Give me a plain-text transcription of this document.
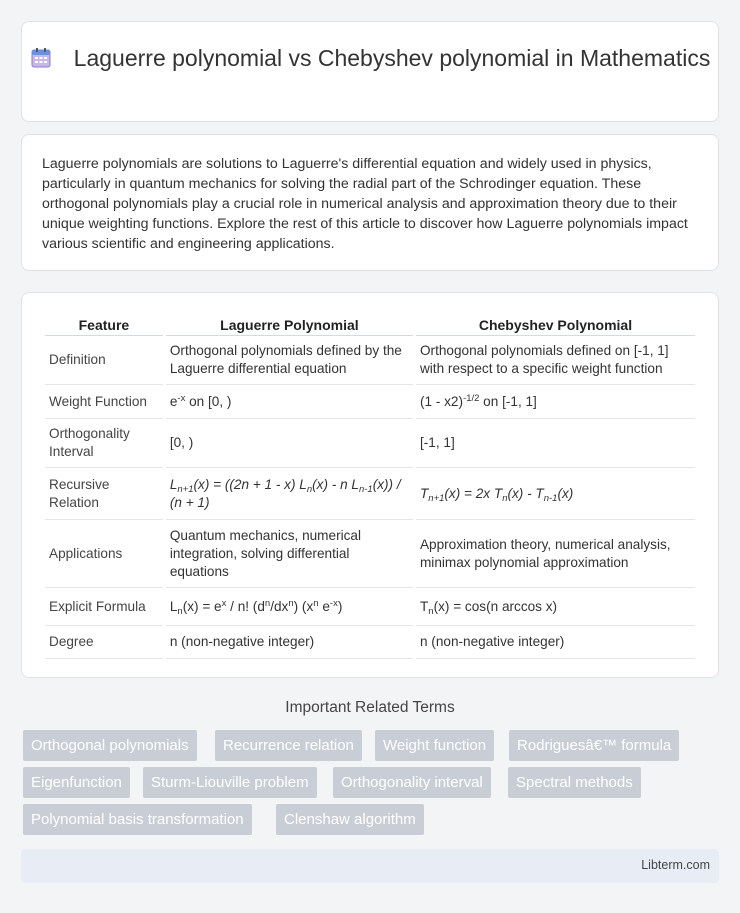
Laguerre polynomial vs Chebyshev polynomial in Mathematics

Laguerre polynomials are solutions to Laguerre's differential equation and widely used in physics, particularly in quantum mechanics for solving the radial part of the Schrodinger equation. These orthogonal polynomials play a crucial role in numerical analysis and approximation theory due to their unique weighting functions. Explore the rest of this article to discover how Laguerre polynomials impact various scientific and engineering applications.

Feature	Laguerre Polynomial	Chebyshev Polynomial
Definition	Orthogonal polynomials defined by the Laguerre differential equation	Orthogonal polynomials defined on [-1, 1] with respect to a specific weight function
Weight Function	$e^{-x}$ on [0, )	(1 - x2)$^{-1/2}$ on [-1, 1]
Orthogonality Interval	[0, )	[-1, 1]
Recursive Relation	$L_{n+1}(x) = ((2n + 1 - x)$ $L_n(x)$ - n $L_{n-1}(x)) / (n + 1)$	$T_{n+1}(x) = 2x$ $T_n(x) - T_{n-1}(x)$
Applications	Quantum mechanics, numerical integration, solving differential equations	Approximation theory, numerical analysis, minimax polynomial approximation
Explicit Formula	$L_n(x) = e^x / n$! $(d^n/dx^n)$ ($x^n$ $e^{-x}$)	$T_n(x) = \cos(n$ arccos x)
Degree	n (non-negative integer)	n (non-negative integer)
Important Related Terms
Orthogonal polynomials	Recurrence relation	Weight function	Rodriguesâ€™ formula
Eigenfunction	Sturm-Liouville problem	Orthogonality interval	Spectral methods
Polynomial basis transformation	Clenshaw algorithm
Libterm.com
